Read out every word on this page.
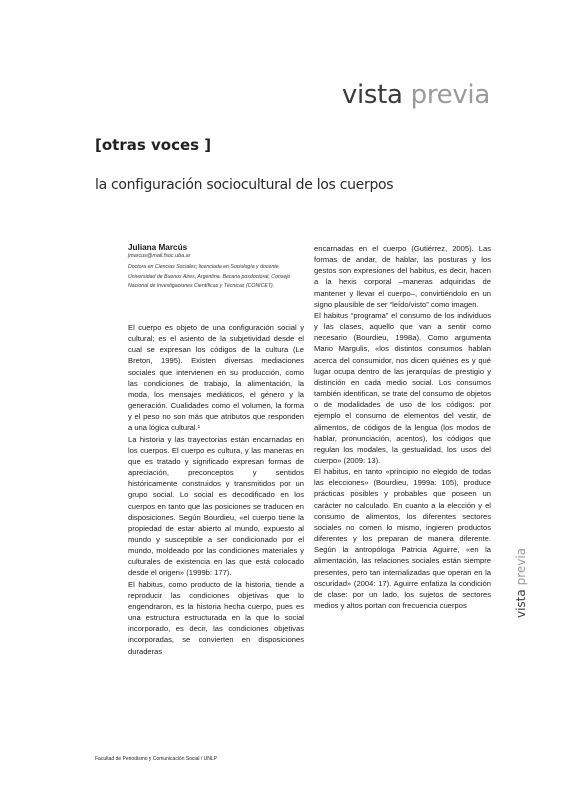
vista previa
[otras voces ]
la configuración sociocultural de los cuerpos

Juliana Marcús

jmarcus@mail.fsoc.uba.ar

Doctora en Ciencias Sociales; licenciada en Sociología y docente, Universidad de Buenos Aires, Argentina. Becaria posdoctoral, Consejo Nacional de Investigaciones Científicas y Técnicas (CONICET).

El cuerpo es objeto de una configuración social y cultural; es el asiento de la subjetividad desde el cual se expresan los códigos de la cultura (Le Breton, 1995). Existen diversas mediaciones sociales que intervienen en su producción, como las condiciones de trabajo, la alimentación, la moda, los mensajes mediáticos, el género y la generación. Cualidades como el volumen, la forma y el peso no son más que atributos que responden a una lógica cultural.¹

La historia y las trayectorias están encarnadas en los cuerpos. El cuerpo es cultura, y las maneras en que es tratado y significado expresan formas de apreciación, preconceptos y sentidos históricamente construidos y transmitidos por un grupo social. Lo social es decodificado en los cuerpos en tanto que las posiciones se traducen en disposiciones. Según Bourdieu, «el cuerpo tiene la propiedad de estar abierto al mundo, expuesto al mundo y susceptible a ser condicionado por el mundo, moldeado por las condiciones materiales y culturales de existencia en las que está colocado desde el origen» (1999b: 177).

El habitus, como producto de la historia, tiende a reproducir las condiciones objetivas que lo engendraron, es la historia hecha cuerpo, pues es una estructura estructurada en la que lo social incorporado, es decir, las condiciones objetivas incorporadas, se convierten en disposiciones duraderas

encarnadas en el cuerpo (Gutiérrez, 2005). Las formas de andar, de hablar, las posturas y los gestos son expresiones del habitus, es decir, hacen a la hexis corporal –maneras adquiridas de mantener y llevar el cuerpo–, convirtiéndolo en un signo plausible de ser “leído/visto” como imagen.

El habitus “programa” el consumo de los individuos y las clases, aquello que van a sentir como necesario (Bourdieu, 1998a). Como argumenta Mario Margulis, «los distintos consumos hablan acerca del consumidor, nos dicen quiénes es y qué lugar ocupa dentro de las jerarquías de prestigio y distinción en cada medio social. Los consumos también identifican, se trate del consumo de objetos o de modalidades de uso de los códigos: por ejemplo el consumo de elementos del vestir, de alimentos, de códigos de la lengua (los modos de hablar, pronunciación, acentos), los códigos que regulan los modales, la gestualidad, los usos del cuerpo» (2009: 13).

El habitus, en tanto «principio no elegido de todas las elecciones» (Bourdieu, 1999a: 105), produce prácticas posibles y probables que poseen un carácter no calculado. En cuanto a la elección y el consumo de alimentos, los diferentes sectores sociales no comen lo mismo, ingieren productos diferentes y los preparan de manera diferente. Según la antropóloga Patricia Aguirre, «en la alimentación, las relaciones sociales están siempre presentes, pero tan internalizadas que operan en la oscuridad» (2004: 17). Aguirre enfatiza la condición de clase: por un lado, los sujetos de sectores medios y altos portan con frecuencia cuerpos	vista previa
Facultad de Periodismo y Comunicación Social / UNLP
